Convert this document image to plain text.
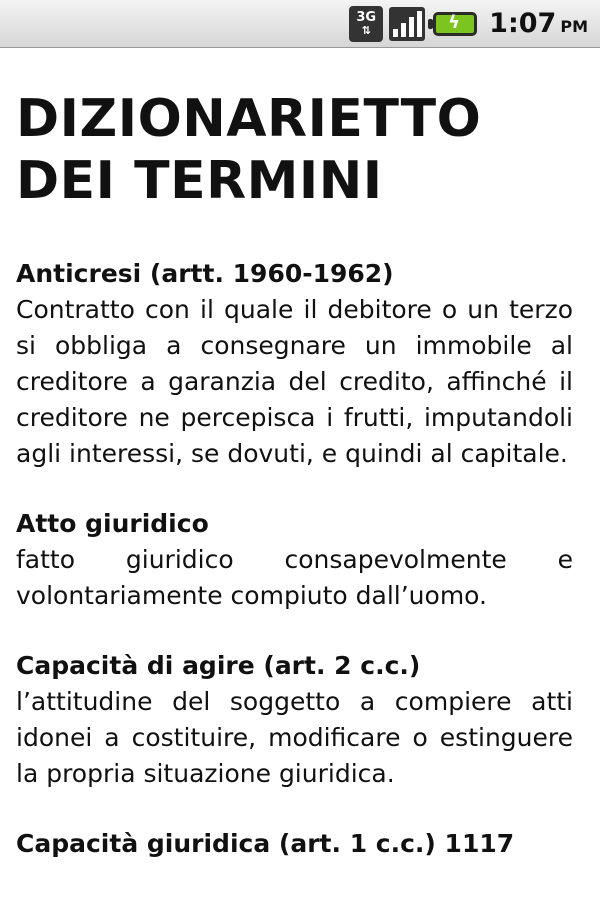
3G
⇅	ϟ 1:07 PM
DIZIONARIETTO DEI TERMINI
Anticresi (artt. 1960-1962)
Contratto con il quale il debitore o un terzo si obbliga a consegnare un immobile al creditore a garanzia del credito, affinché il creditore ne percepisca i frutti, imputandoli agli interessi, se dovuti, e quindi al capitale.
Atto giuridico
fatto giuridico consapevolmente e volontariamente compiuto dall’uomo.
Capacità di agire (art. 2 c.c.)
l’attitudine del soggetto a compiere atti idonei a costituire, modificare o estinguere la propria situazione giuridica.
Capacità giuridica (art. 1 c.c.) 1117
